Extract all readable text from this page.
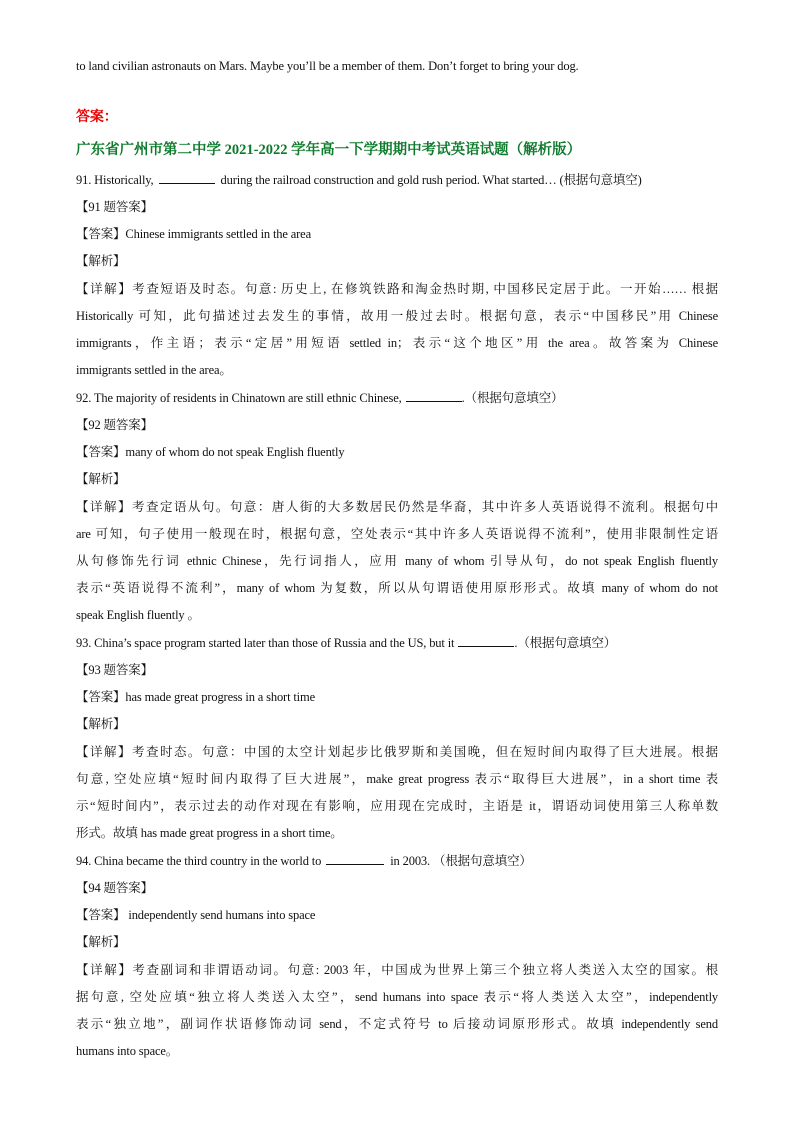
to land civilian astronauts on Mars. Maybe you’ll be a member of them. Don’t forget to bring your dog.
答案：
广东省广州市第二中学 2021-2022 学年高一下学期期中考试英语试题（解析版）
91. Historically,	during the railroad construction and gold rush period. What started… (根据句意填空)
【91 题答案】
【答案】Chinese immigrants settled in the area
【解析】
【详解】考查短语及时态。句意: 历史上, 在修筑铁路和淘金热时期, 中国移民定居于此。一开始…… 根据
Historically 可知，此句描述过去发生的事情，故用一般过去时。根据句意，表示“中国移民”用 Chinese
immigrants，作主语；表示“定居”用短语 settled in；表示“这个地区”用 the area。故答案为 Chinese
immigrants settled in the area。
92. The majority of residents in Chinatown are still ethnic Chinese,	.（根据句意填空）
【92 题答案】
【答案】many of whom do not speak English fluently
【解析】
【详解】考查定语从句。句意：唐人街的大多数居民仍然是华裔，其中许多人英语说得不流利。根据句中
are 可知，句子使用一般现在时，根据句意，空处表示“其中许多人英语说得不流利”，使用非限制性定语
从句修饰先行词 ethnic Chinese，先行词指人，应用 many of whom 引导从句，do not speak English fluently
表示“英语说得不流利”，many of whom 为复数，所以从句谓语使用原形形式。故填 many of whom do not
speak English fluently 。
93. China’s space program started later than those of Russia and the US, but it	.（根据句意填空）
【93 题答案】
【答案】has made great progress in a short time
【解析】
【详解】考查时态。句意：中国的太空计划起步比俄罗斯和美国晚，但在短时间内取得了巨大进展。根据
句意, 空处应填“短时间内取得了巨大进展”，make great progress 表示“取得巨大进展”，in a short time 表
示“短时间内”，表示过去的动作对现在有影响，应用现在完成时，主语是 it，谓语动词使用第三人称单数
形式。故填 has made great progress in a short time。
94. China became the third country in the world to	in 2003. （根据句意填空）
【94 题答案】
【答案】 independently send humans into space
【解析】
【详解】考查副词和非谓语动词。句意: 2003 年，中国成为世界上第三个独立将人类送入太空的国家。根
据句意, 空处应填“独立将人类送入太空”，send humans into space 表示“将人类送入太空”，independently
表示“独立地”，副词作状语修饰动词 send，不定式符号 to 后接动词原形形式。故填 independently send
humans into space。
